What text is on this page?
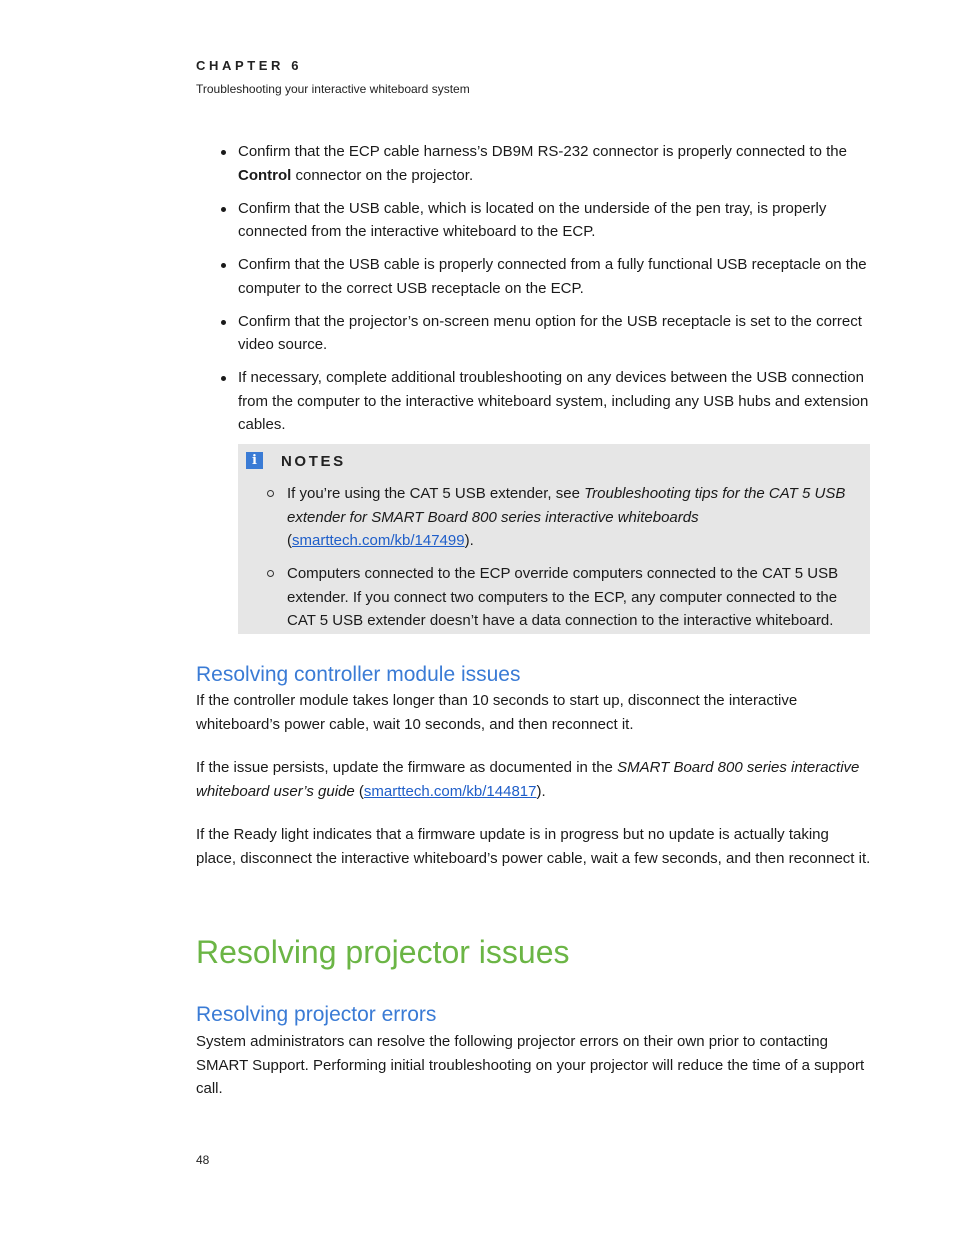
CHAPTER 6
Troubleshooting your interactive whiteboard system
Confirm that the ECP cable harness’s DB9M RS-232 connector is properly connected to the Control connector on the projector.
Confirm that the USB cable, which is located on the underside of the pen tray, is properly connected from the interactive whiteboard to the ECP.
Confirm that the USB cable is properly connected from a fully functional USB receptacle on the computer to the correct USB receptacle on the ECP.
Confirm that the projector’s on-screen menu option for the USB receptacle is set to the correct video source.
If necessary, complete additional troubleshooting on any devices between the USB connection from the computer to the interactive whiteboard system, including any USB hubs and extension cables.
i	NOTES
If you’re using the CAT 5 USB extender, see Troubleshooting tips for the CAT 5 USB extender for SMART Board 800 series interactive whiteboards (smarttech.com/kb/147499).
Computers connected to the ECP override computers connected to the CAT 5 USB extender. If you connect two computers to the ECP, any computer connected to the CAT 5 USB extender doesn’t have a data connection to the interactive whiteboard.
Resolving controller module issues

If the controller module takes longer than 10 seconds to start up, disconnect the interactive whiteboard’s power cable, wait 10 seconds, and then reconnect it.

If the issue persists, update the firmware as documented in the SMART Board 800 series interactive whiteboard user’s guide (smarttech.com/kb/144817).

If the Ready light indicates that a firmware update is in progress but no update is actually taking place, disconnect the interactive whiteboard’s power cable, wait a few seconds, and then reconnect it.

Resolving projector issues
Resolving projector errors

System administrators can resolve the following projector errors on their own prior to contacting SMART Support. Performing initial troubleshooting on your projector will reduce the time of a support call.

48
